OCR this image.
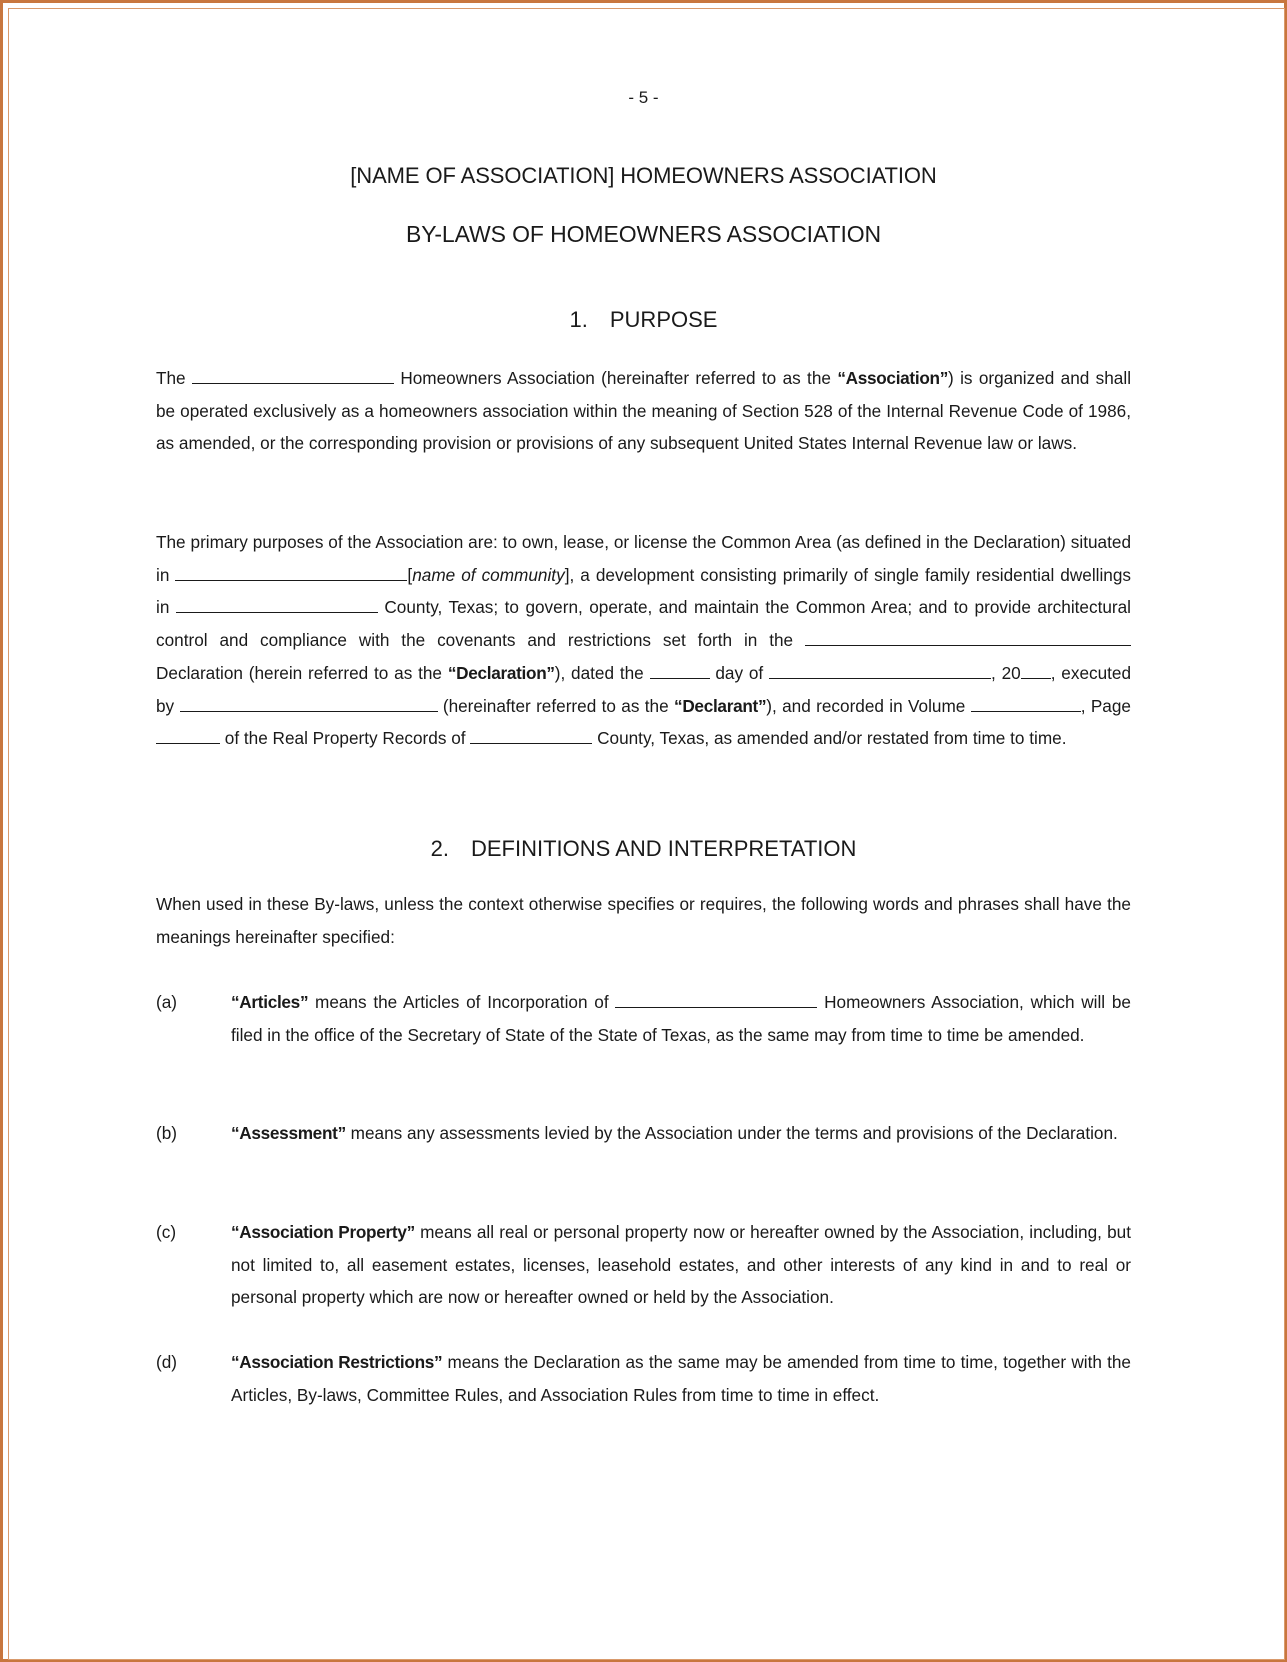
- 5 -
[NAME OF ASSOCIATION] HOMEOWNERS ASSOCIATION
BY-LAWS OF HOMEOWNERS ASSOCIATION
1. PURPOSE
The	Homeowners Association (hereinafter referred to as the “Association”) is organized and shall be operated exclusively as a homeowners association within the meaning of Section 528 of the Internal Revenue Code of 1986, as amended, or the corresponding provision or provisions of any subsequent United States Internal Revenue law or laws.
The primary purposes of the Association are: to own, lease, or license the Common Area (as defined in the Declaration) situated in	[name of community], a development consisting primarily of single family residential dwellings in	County, Texas; to govern, operate, and maintain the Common Area; and to provide architectural control and compliance with the covenants and restrictions set forth in the  Declaration (herein referred to as the “Declaration”), dated the	day of	, 20 , executed by	(hereinafter referred to as the “Declarant”), and recorded in Volume	, Page  of the Real Property Records of	County, Texas, as amended and/or restated from time to time.
2. DEFINITIONS AND INTERPRETATION
When used in these By-laws, unless the context otherwise specifies or requires, the following words and phrases shall have the meanings hereinafter specified:
(a)	“Articles” means the Articles of Incorporation of	Homeowners Association, which will be filed in the office of the Secretary of State of the State of Texas, as the same may from time to time be amended.
(b)	“Assessment” means any assessments levied by the Association under the terms and provisions of the Declaration.
(c)	“Association Property” means all real or personal property now or hereafter owned by the Association, including, but not limited to, all easement estates, licenses, leasehold estates, and other interests of any kind in and to real or personal property which are now or hereafter owned or held by the Association.
(d)	“Association Restrictions” means the Declaration as the same may be amended from time to time, together with the Articles, By-laws, Committee Rules, and Association Rules from time to time in effect.
